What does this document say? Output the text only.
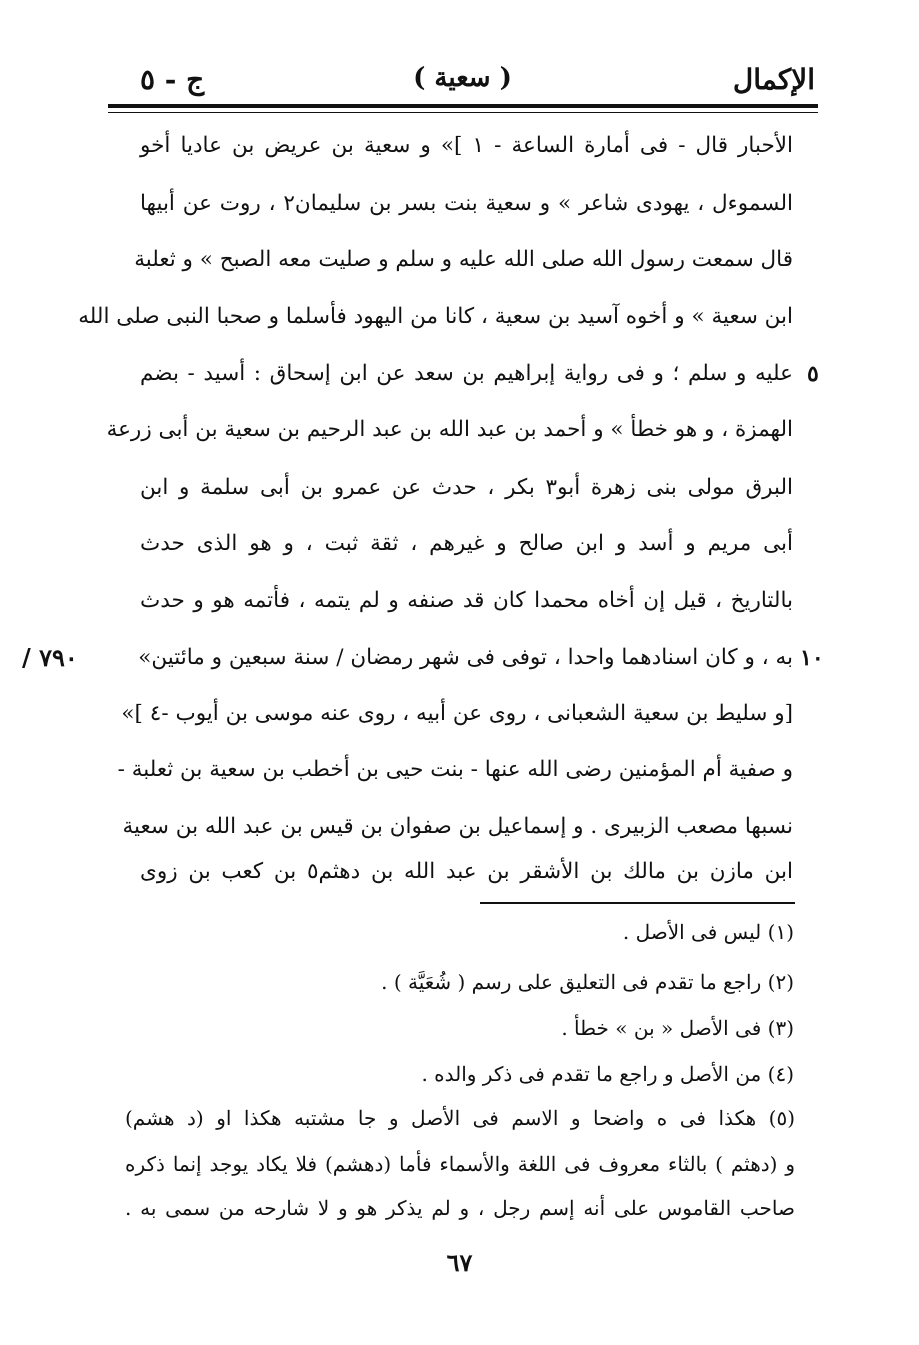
الإكمال
( سعية )
ج - ٥
الأحبار قال - فى أمارة الساعة - ١ ]» و سعية بن عريض بن عاديا أخو
السموءل ، يهودى شاعر » و سعية بنت بسر بن سليمان٢ ، روت عن أبيها
قال سمعت رسول الله صلى الله عليه و سلم و صليت معه الصبح » و ثعلبة
ابن سعية » و أخوه آسيد بن سعية ، كانا من اليهود فأسلما و صحبا النبى صلى الله
عليه و سلم ؛ و فى رواية إبراهيم بن سعد عن ابن إسحاق : أسيد - بضم
الهمزة ، و هو خطأ » و أحمد بن عبد الله بن عبد الرحيم بن سعية بن أبى زرعة
البرق مولى بنى زهرة أبو٣ بكر ، حدث عن عمرو بن أبى سلمة و ابن
أبى مريم و أسد و ابن صالح و غيرهم ، ثقة ثبت ، و هو الذى حدث
بالتاريخ ، قيل إن أخاه محمدا كان قد صنفه و لم يتمه ، فأتمه هو و حدث
به ، و كان اسنادهما واحدا ، توفى فى شهر رمضان / سنة سبعين و مائتين»
[و سليط بن سعية الشعبانى ، روى عن أبيه ، روى عنه موسى بن أيوب -٤ ]»
و صفية أم المؤمنين رضى الله عنها - بنت حيى بن أخطب بن سعية بن ثعلبة -
نسبها مصعب الزبيرى . و إسماعيل بن صفوان بن قيس بن عبد الله بن سعية
ابن مازن بن مالك بن الأشقر بن عبد الله بن دهثم٥ بن كعب بن زوى
٥
١٠
/ ٧٩٠
(١) ليس فى الأصل .
(٢) راجع ما تقدم فى التعليق على رسم ( شُعَيَّة ) .
(٣) فى الأصل « بن » خطأ .
(٤) من الأصل و راجع ما تقدم فى ذكر والده .
(٥) هكذا فى ه واضحا و الاسم فى الأصل و جا مشتبه هكذا او (د هشم)
و (دهثم ) بالثاء معروف فى اللغة والأسماء فأما (دهشم) فلا يكاد يوجد إنما ذكره
صاحب القاموس على أنه إسم رجل ، و لم يذكر هو و لا شارحه من سمى به .
٦٧
